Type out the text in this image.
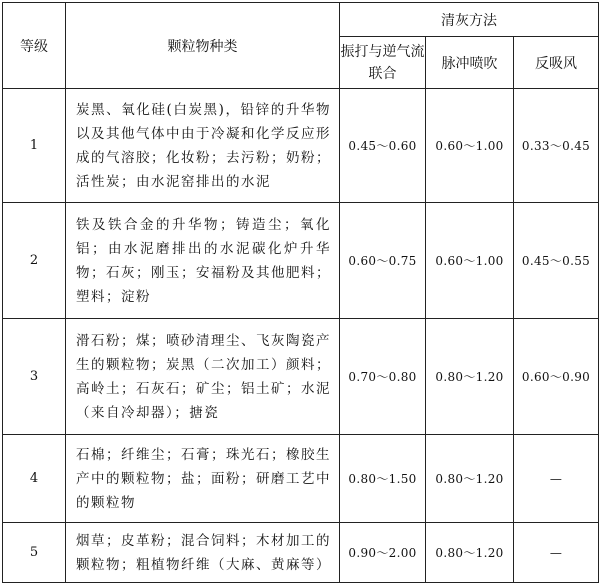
等级	颗粒物种类	清灰方法		
		振打与逆气流联合	脉冲喷吹	反吸风
1	炭黑、氧化硅(白炭黑)，铅锌的升华物以及其他气体中由于冷凝和化学反应形成的气溶胶；化妆粉；去污粉；奶粉；活性炭；由水泥窑排出的水泥	0.45～0.60	0.60～1.00	0.33～0.45
2	铁及铁合金的升华物；铸造尘；氧化铝；由水泥磨排出的水泥碳化炉升华物；石灰；刚玉；安福粉及其他肥料；塑料；淀粉	0.60～0.75	0.60～1.00	0.45～0.55
3	滑石粉；煤；喷砂清理尘、飞灰陶瓷产生的颗粒物；炭黑（二次加工）颜料；高岭土；石灰石；矿尘；铝土矿；水泥（来自冷却器）；搪瓷	0.70～0.80	0.80～1.20	0.60～0.90
4	石棉；纤维尘；石膏；珠光石；橡胶生产中的颗粒物；盐；面粉；研磨工艺中的颗粒物	0.80～1.50	0.80～1.20	—
5	烟草；皮革粉；混合饲料；木材加工的颗粒物；粗植物纤维（大麻、黄麻等）	0.90～2.00	0.80～1.20	—
